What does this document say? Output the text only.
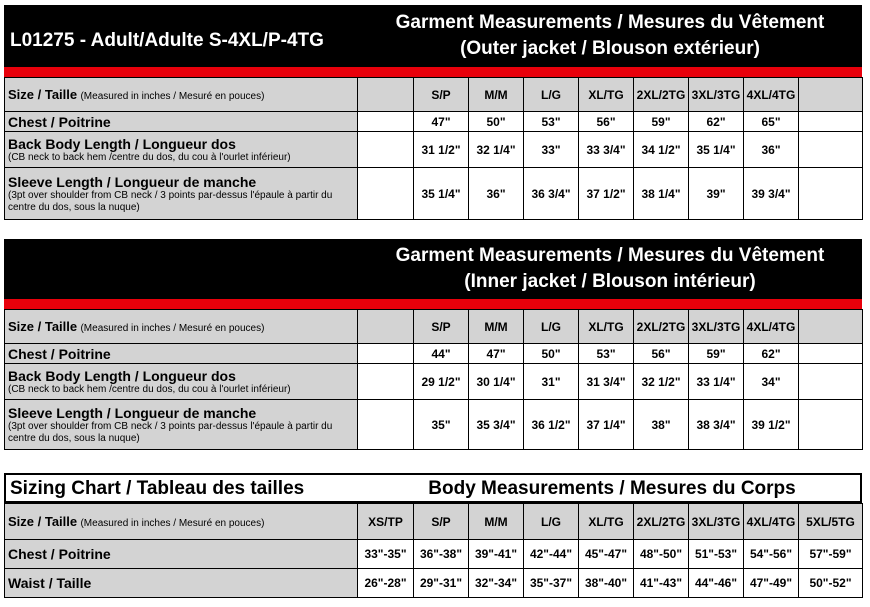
L01275 - Adult/Adulte S-4XL/P-4TG
Garment Measurements / Mesures du Vêtement
(Outer jacket / Blouson extérieur)
Size / Taille (Measured in inches / Mesuré en pouces)		S/P	M/M	L/G	XL/TG	2XL/2TG	3XL/3TG	4XL/4TG	

Chest / Poitrine		47"	50"	53"	56"	59"	62"	65"	

Back Body Length / Longueur dos
(CB neck to back hem /centre du dos, du cou à l'ourlet inférieur)		31 1/2"	32 1/4"	33"	33 3/4"	34 1/2"	35 1/4"	36"	

Sleeve Length / Longueur de manche
(3pt over shoulder from CB neck / 3 points par-dessus l'épaule à partir du centre du dos, sous la nuque)		35 1/4"	36"	36 3/4"	37 1/2"	38 1/4"	39"	39 3/4"	
Garment Measurements / Mesures du Vêtement
(Inner jacket / Blouson intérieur)
Size / Taille (Measured in inches / Mesuré en pouces)		S/P	M/M	L/G	XL/TG	2XL/2TG	3XL/3TG	4XL/4TG	

Chest / Poitrine		44"	47"	50"	53"	56"	59"	62"	

Back Body Length / Longueur dos
(CB neck to back hem /centre du dos, du cou à l'ourlet inférieur)		29 1/2"	30 1/4"	31"	31 3/4"	32 1/2"	33 1/4"	34"	

Sleeve Length / Longueur de manche
(3pt over shoulder from CB neck / 3 points par-dessus l'épaule à partir du centre du dos, sous la nuque)		35"	35 3/4"	36 1/2"	37 1/4"	38"	38 3/4"	39 1/2"	
Sizing Chart / Tableau des tailles	Body Measurements / Mesures du Corps
Size / Taille (Measured in inches / Mesuré en pouces)	XS/TP	S/P	M/M	L/G	XL/TG	2XL/2TG	3XL/3TG	4XL/4TG	5XL/5TG

Chest / Poitrine	33"-35"	36"-38"	39"-41"	42"-44"	45"-47"	48"-50"	51"-53"	54"-56"	57"-59"

Waist / Taille	26"-28"	29"-31"	32"-34"	35"-37"	38"-40"	41"-43"	44"-46"	47"-49"	50"-52"
